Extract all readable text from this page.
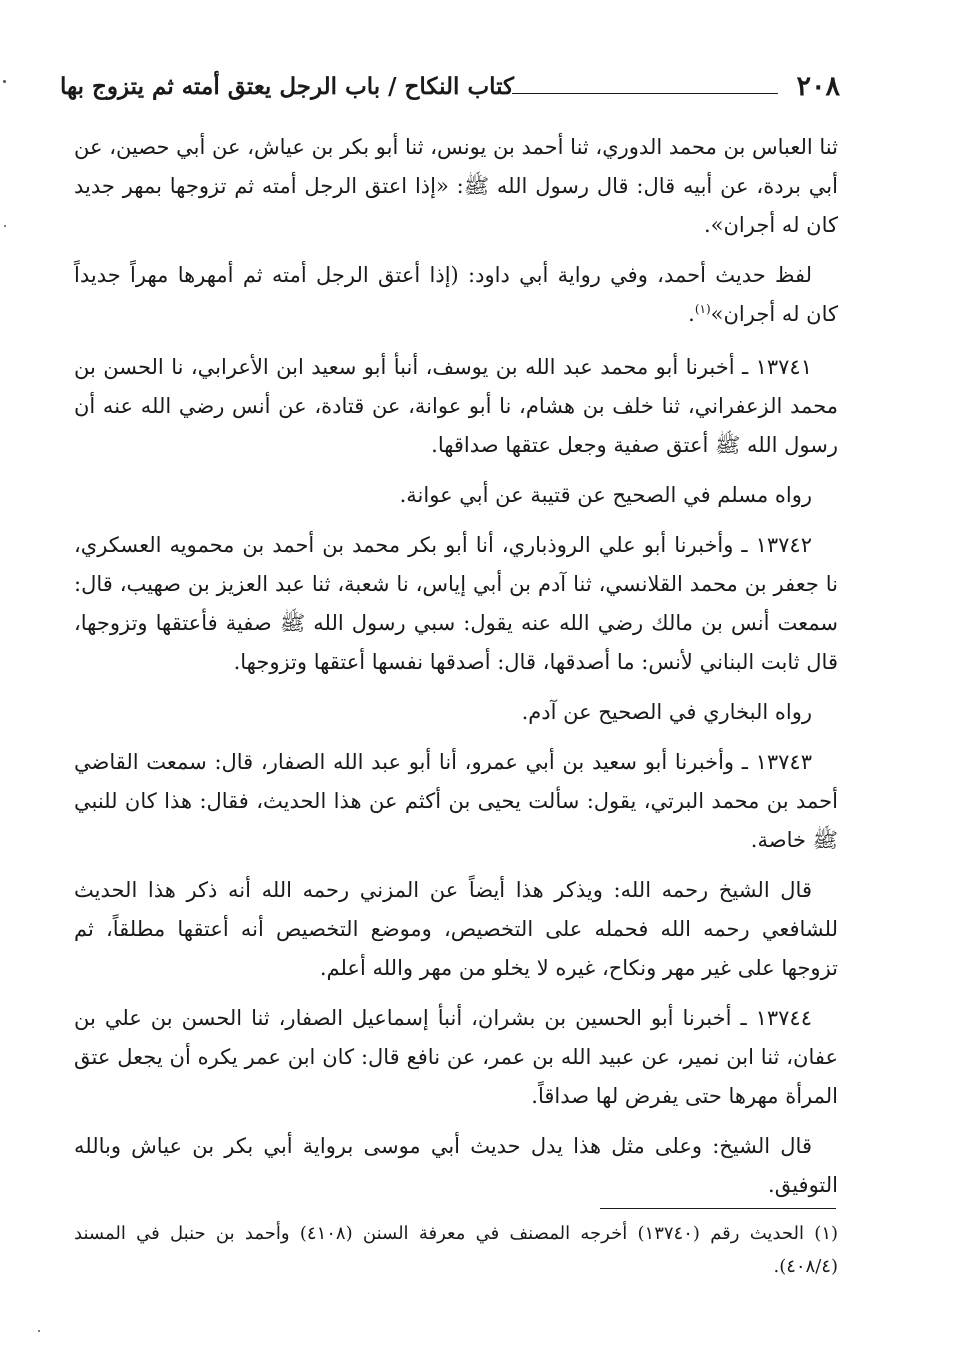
٢٠٨
كتاب النكاح / باب الرجل يعتق أمته ثم يتزوج بها

ثنا العباس بن محمد الدوري، ثنا أحمد بن يونس، ثنا أبو بكر بن عياش، عن أبي حصين، عن أبي بردة، عن أبيه قال: قال رسول الله ﷺ: «إذا اعتق الرجل أمته ثم تزوجها بمهر جديد كان له أجران».

لفظ حديث أحمد، وفي رواية أبي داود: (إذا أعتق الرجل أمته ثم أمهرها مهراً جديداً كان له أجران»$^{(١)}$.

١٣٧٤١ ـ أخبرنا أبو محمد عبد الله بن يوسف، أنبأ أبو سعيد ابن الأعرابي، نا الحسن بن محمد الزعفراني، ثنا خلف بن هشام، نا أبو عوانة، عن قتادة، عن أنس رضي الله عنه أن رسول الله ﷺ أعتق صفية وجعل عتقها صداقها.

رواه مسلم في الصحيح عن قتيبة عن أبي عوانة.

١٣٧٤٢ ـ وأخبرنا أبو علي الروذباري، أنا أبو بكر محمد بن أحمد بن محمويه العسكري، نا جعفر بن محمد القلانسي، ثنا آدم بن أبي إياس، نا شعبة، ثنا عبد العزيز بن صهيب، قال: سمعت أنس بن مالك رضي الله عنه يقول: سبي رسول الله ﷺ صفية فأعتقها وتزوجها، قال ثابت البناني لأنس: ما أصدقها، قال: أصدقها نفسها أعتقها وتزوجها.

رواه البخاري في الصحيح عن آدم.

١٣٧٤٣ ـ وأخبرنا أبو سعيد بن أبي عمرو، أنا أبو عبد الله الصفار، قال: سمعت القاضي أحمد بن محمد البرتي، يقول: سألت يحيى بن أكثم عن هذا الحديث، فقال: هذا كان للنبي ﷺ خاصة.

قال الشيخ رحمه الله: ويذكر هذا أيضاً عن المزني رحمه الله أنه ذكر هذا الحديث للشافعي رحمه الله فحمله على التخصيص، وموضع التخصيص أنه أعتقها مطلقاً، ثم تزوجها على غير مهر ونكاح، غيره لا يخلو من مهر والله أعلم.

١٣٧٤٤ ـ أخبرنا أبو الحسين بن بشران، أنبأ إسماعيل الصفار، ثنا الحسن بن علي بن عفان، ثنا ابن نمير، عن عبيد الله بن عمر، عن نافع قال: كان ابن عمر يكره أن يجعل عتق المرأة مهرها حتى يفرض لها صداقاً.

قال الشيخ: وعلى مثل هذا يدل حديث أبي موسى برواية أبي بكر بن عياش وبالله التوفيق.

(١) الحديث رقم (١٣٧٤٠) أخرجه المصنف في معرفة السنن (٤١٠٨) وأحمد بن حنبل في المسند (٤٠٨/٤).
